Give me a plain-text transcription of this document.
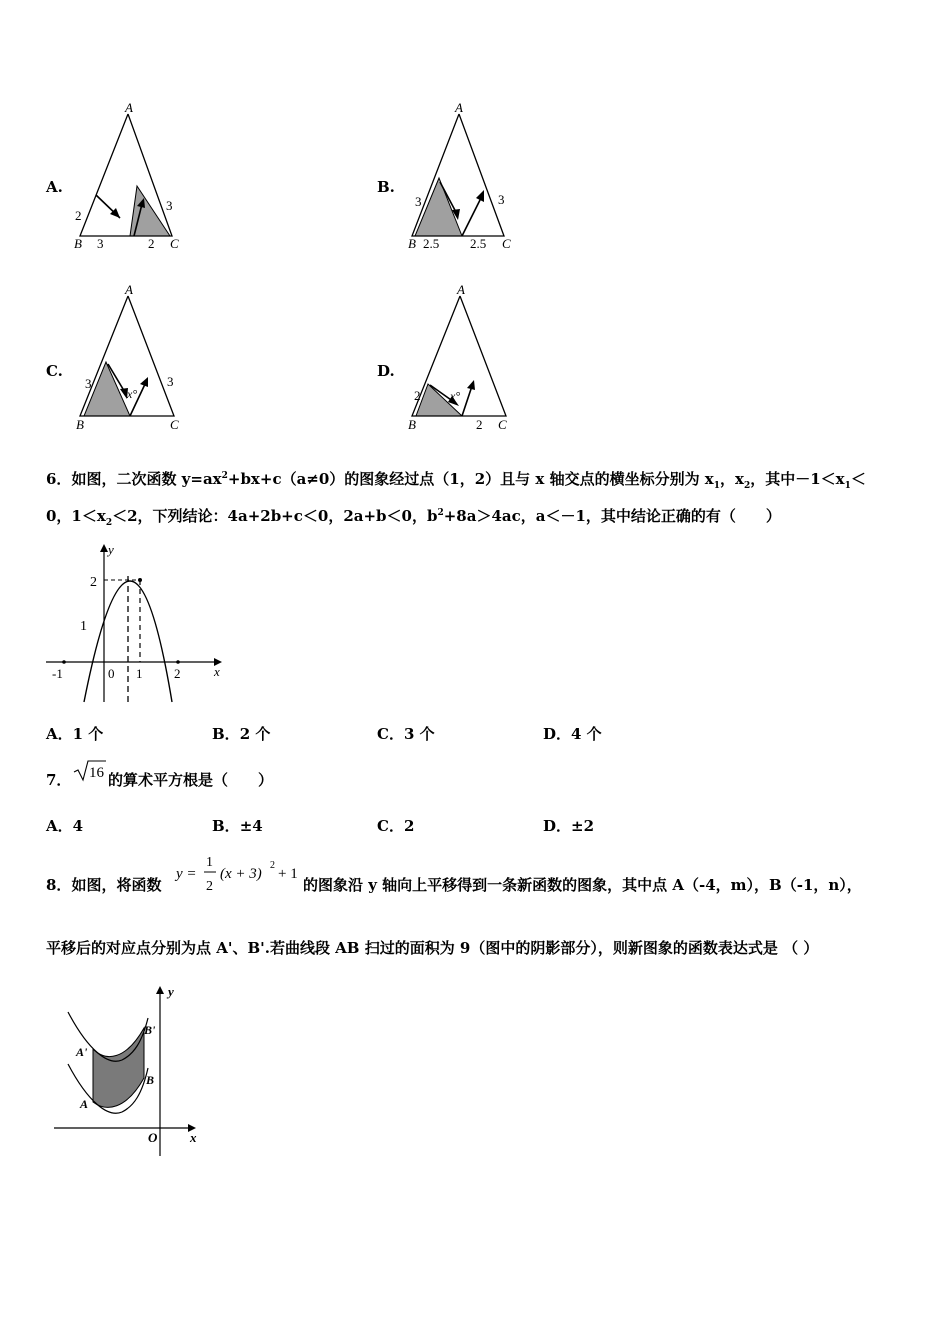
A.
A
B	C
2
3	2
3
B.
A
B	C
3
2.5 2.5
3
C.
A
B	C
3	3
x°
D.
A
B	C
2
2
x°
6．如图，二次函数 $y=ax^2+bx+c(a\ne 0)$的图象经过点（1，2）且与 x 轴交点的横坐标分别为 $x_1$，$x_2$，其中$-1<x_1<$
0，$1<x_2<2$，下列结论：4a+2b+c＜0，2a+b＜0，$b^2+8a>4ac$，a＜－1，其中结论正确的有（　　）
y
x
2
1
-1	0 1 2
A．1 个	B．2 个	C．3 个	D．4 个
7． 16 的算术平方根是（　　）
A．4	B．±4	C．2	D．±2
8．如图，将函数
y =
1
2
(x + 3)
2
+ 1
的图象沿 y 轴向上平移得到一条新函数的图象，其中点 A（-4，m），B（-1，n），
平移后的对应点分别为点 A'、B'.若曲线段 AB 扫过的面积为 9（图中的阴影部分），则新图象的函数表达式是 （ ）
y
x
O
A'
B'
A
B
